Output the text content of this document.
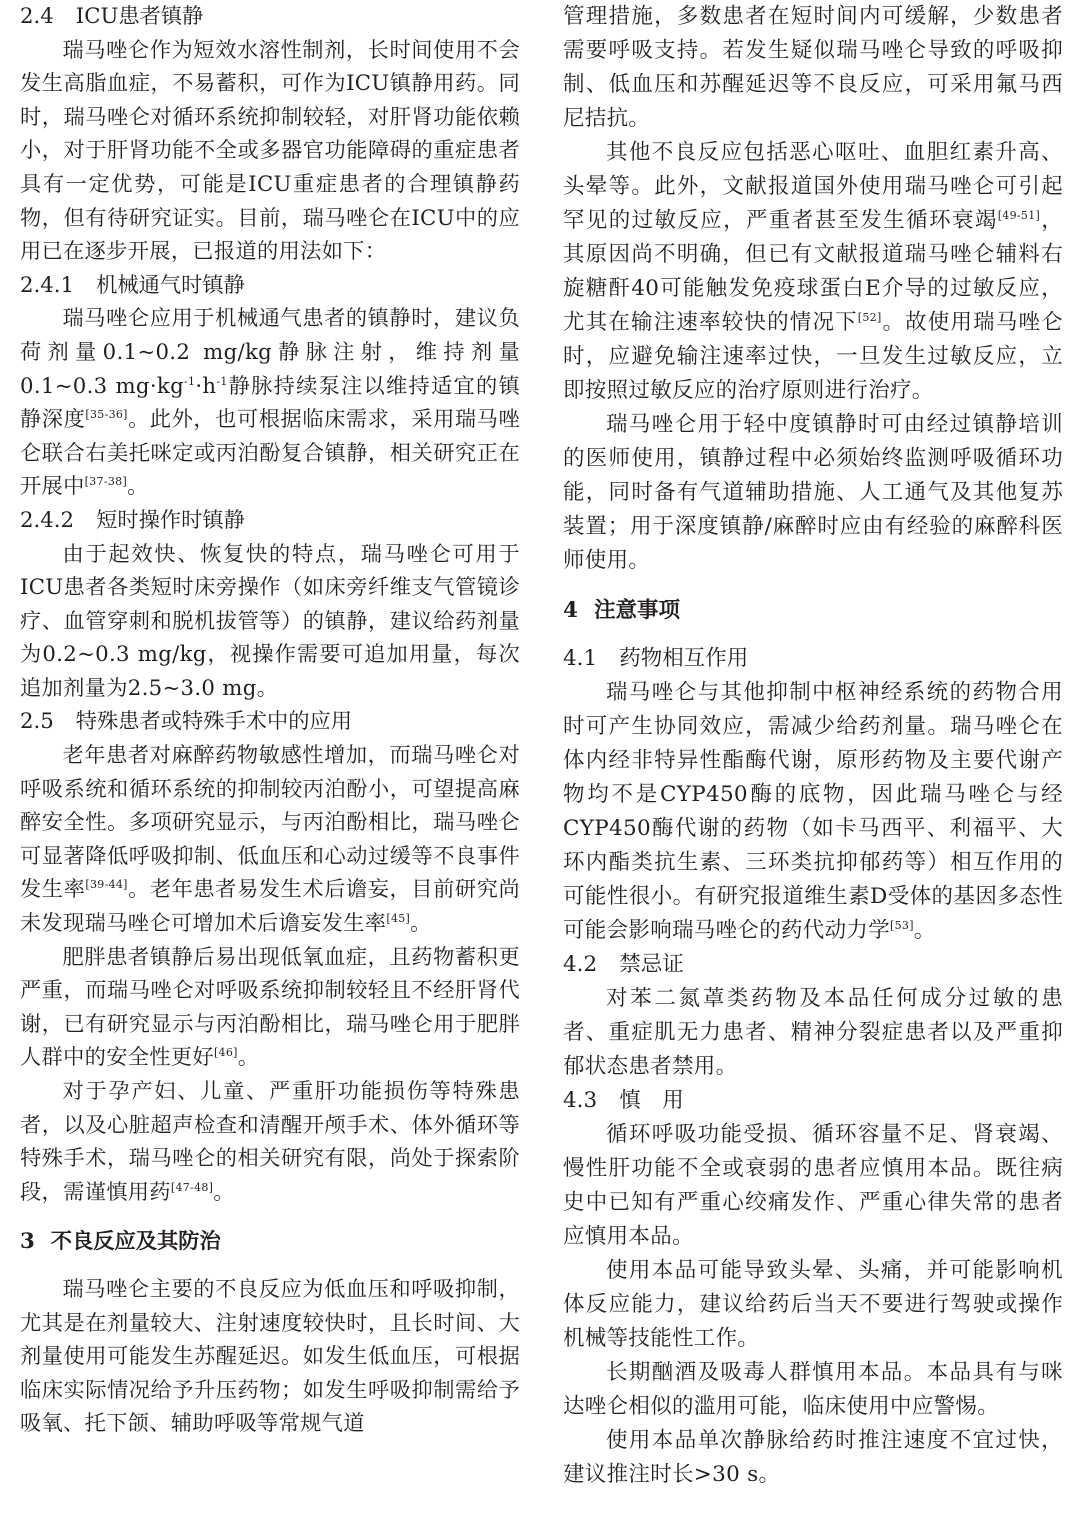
2.4 ICU患者镇静

瑞马唑仑作为短效水溶性制剂，长时间使用不会发生高脂血症，不易蓄积，可作为ICU镇静用药。同时，瑞马唑仑对循环系统抑制较轻，对肝肾功能依赖小，对于肝肾功能不全或多器官功能障碍的重症患者具有一定优势，可能是ICU重症患者的合理镇静药物，但有待研究证实。目前，瑞马唑仑在ICU中的应用已在逐步开展，已报道的用法如下：

2.4.1 机械通气时镇静

瑞马唑仑应用于机械通气患者的镇静时，建议负荷剂量0.1~0.2 mg/kg静脉注射，维持剂量0.1~0.3 $mg\cdot kg^{-1}\cdot h^{-1}$静脉持续泵注以维持适宜的镇静深度[35-36]。此外，也可根据临床需求，采用瑞马唑仑联合右美托咪定或丙泊酚复合镇静，相关研究正在开展中[37-38]。

2.4.2 短时操作时镇静

由于起效快、恢复快的特点，瑞马唑仑可用于ICU患者各类短时床旁操作（如床旁纤维支气管镜诊疗、血管穿刺和脱机拔管等）的镇静，建议给药剂量为0.2~0.3 mg/kg，视操作需要可追加用量，每次追加剂量为2.5~3.0 mg。

2.5 特殊患者或特殊手术中的应用

老年患者对麻醉药物敏感性增加，而瑞马唑仑对呼吸系统和循环系统的抑制较丙泊酚小，可望提高麻醉安全性。多项研究显示，与丙泊酚相比，瑞马唑仑可显著降低呼吸抑制、低血压和心动过缓等不良事件发生率[39-44]。老年患者易发生术后谵妄，目前研究尚未发现瑞马唑仑可增加术后谵妄发生率[45]。

肥胖患者镇静后易出现低氧血症，且药物蓄积更严重，而瑞马唑仑对呼吸系统抑制较轻且不经肝肾代谢，已有研究显示与丙泊酚相比，瑞马唑仑用于肥胖人群中的安全性更好[46]。

对于孕产妇、儿童、严重肝功能损伤等特殊患者，以及心脏超声检查和清醒开颅手术、体外循环等特殊手术，瑞马唑仑的相关研究有限，尚处于探索阶段，需谨慎用药[47-48]。

3 不良反应及其防治

瑞马唑仑主要的不良反应为低血压和呼吸抑制，尤其是在剂量较大、注射速度较快时，且长时间、大剂量使用可能发生苏醒延迟。如发生低血压，可根据临床实际情况给予升压药物；如发生呼吸抑制需给予吸氧、托下颌、辅助呼吸等常规气道

管理措施，多数患者在短时间内可缓解，少数患者需要呼吸支持。若发生疑似瑞马唑仑导致的呼吸抑制、低血压和苏醒延迟等不良反应，可采用氟马西尼拮抗。

其他不良反应包括恶心呕吐、血胆红素升高、头晕等。此外，文献报道国外使用瑞马唑仑可引起罕见的过敏反应，严重者甚至发生循环衰竭[49-51]，其原因尚不明确，但已有文献报道瑞马唑仑辅料右旋糖酐40可能触发免疫球蛋白E介导的过敏反应，尤其在输注速率较快的情况下[52]。故使用瑞马唑仑时，应避免输注速率过快，一旦发生过敏反应，立即按照过敏反应的治疗原则进行治疗。

瑞马唑仑用于轻中度镇静时可由经过镇静培训的医师使用，镇静过程中必须始终监测呼吸循环功能，同时备有气道辅助措施、人工通气及其他复苏装置；用于深度镇静/麻醉时应由有经验的麻醉科医师使用。

4 注意事项
4.1 药物相互作用

瑞马唑仑与其他抑制中枢神经系统的药物合用时可产生协同效应，需减少给药剂量。瑞马唑仑在体内经非特异性酯酶代谢，原形药物及主要代谢产物均不是CYP450酶的底物，因此瑞马唑仑与经CYP450酶代谢的药物（如卡马西平、利福平、大环内酯类抗生素、三环类抗抑郁药等）相互作用的可能性很小。有研究报道维生素D受体的基因多态性可能会影响瑞马唑仑的药代动力学[53]。

4.2 禁忌证

对苯二氮䓬类药物及本品任何成分过敏的患者、重症肌无力患者、精神分裂症患者以及严重抑郁状态患者禁用。

4.3 慎　用

循环呼吸功能受损、循环容量不足、肾衰竭、慢性肝功能不全或衰弱的患者应慎用本品。既往病史中已知有严重心绞痛发作、严重心律失常的患者应慎用本品。

使用本品可能导致头晕、头痛，并可能影响机体反应能力，建议给药后当天不要进行驾驶或操作机械等技能性工作。

长期酗酒及吸毒人群慎用本品。本品具有与咪达唑仑相似的滥用可能，临床使用中应警惕。

使用本品单次静脉给药时推注速度不宜过快，建议推注时长>30 s。
